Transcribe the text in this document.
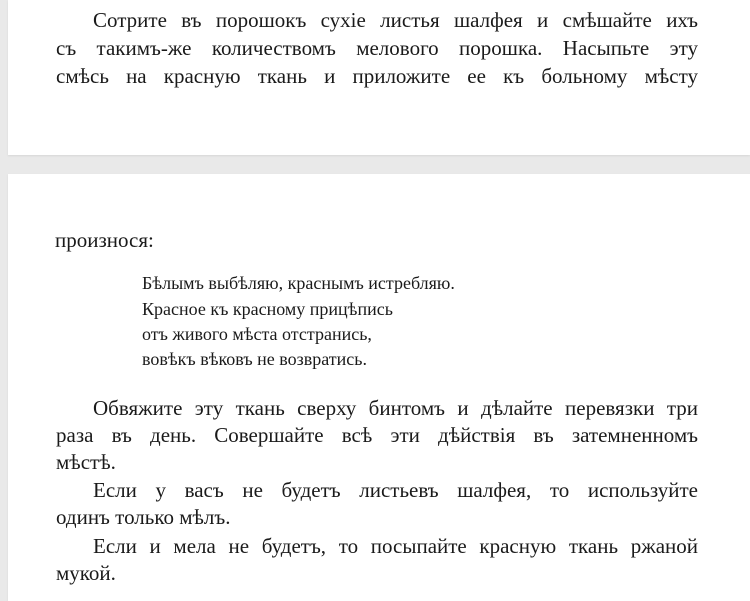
Сотрите въ порошокъ сухіе листья шалфея и смѣшайте ихъ
съ такимъ-же количествомъ мелового порошка. Насыпьте эту
смѣсь на красную ткань и приложите ее къ больному мѣсту
произнося:
Бѣлымъ выбѣляю, краснымъ истребляю.
Красное къ красному прицѣпись
отъ живого мѣста отстранись,
вовѣкъ вѣковъ не возвратись.
Обвяжите эту ткань сверху бинтомъ и дѣлайте перевязки три
раза въ день. Совершайте всѣ эти дѣйствія въ затемненномъ
мѣстѣ.
Если у васъ не будетъ листьевъ шалфея, то используйте
одинъ только мѣлъ.
Если и мела не будетъ, то посыпайте красную ткань ржаной
мукой.
